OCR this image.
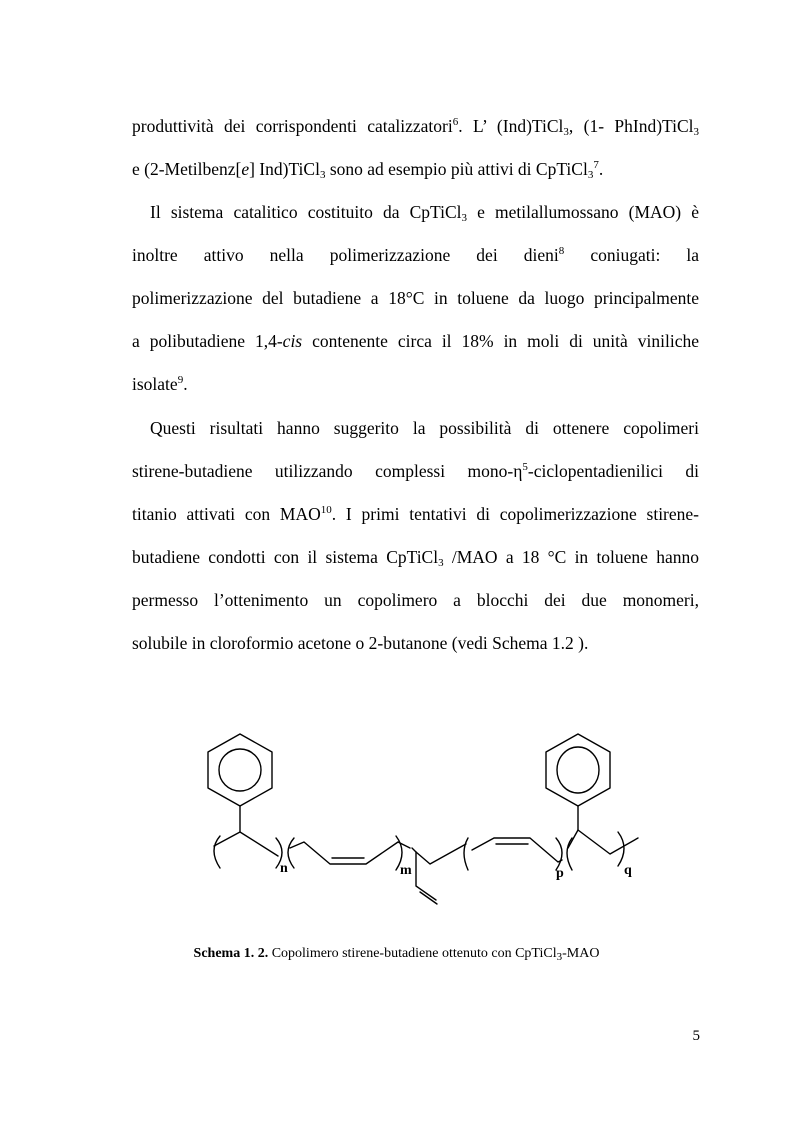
produttività dei corrispondenti catalizzatori$^6$. L’ (Ind)TiCl$_3$, (1- PhInd)TiCl$_3$
e (2-Metilbenz[e] Ind)TiCl$_3$ sono ad esempio più attivi di CpTiCl$_3^7$.
Il sistema catalitico costituito da CpTiCl$_3$ e metilallumossano (MAO) è
inoltre attivo nella polimerizzazione dei dieni$^8$ coniugati: la
polimerizzazione del butadiene a 18°C in toluene da luogo principalmente
a polibutadiene 1,4-cis contenente circa il 18% in moli di unità viniliche
isolate$^9$.
Questi risultati hanno suggerito la possibilità di ottenere copolimeri
stirene-butadiene utilizzando complessi mono-$\eta^5$-ciclopentadienilici di
titanio attivati con MAO$^{10}$. I primi tentativi di copolimerizzazione stirene-
butadiene condotti con il sistema CpTiCl$_3$ /MAO a 18 °C in toluene hanno
permesso l’ottenimento un copolimero a blocchi dei due monomeri,
solubile in cloroformio acetone o 2-butanone (vedi Schema 1.2 ).
n	m	p	q
Schema 1. 2. Copolimero stirene-butadiene ottenuto con CpTiCl$_3$-MAO
5
